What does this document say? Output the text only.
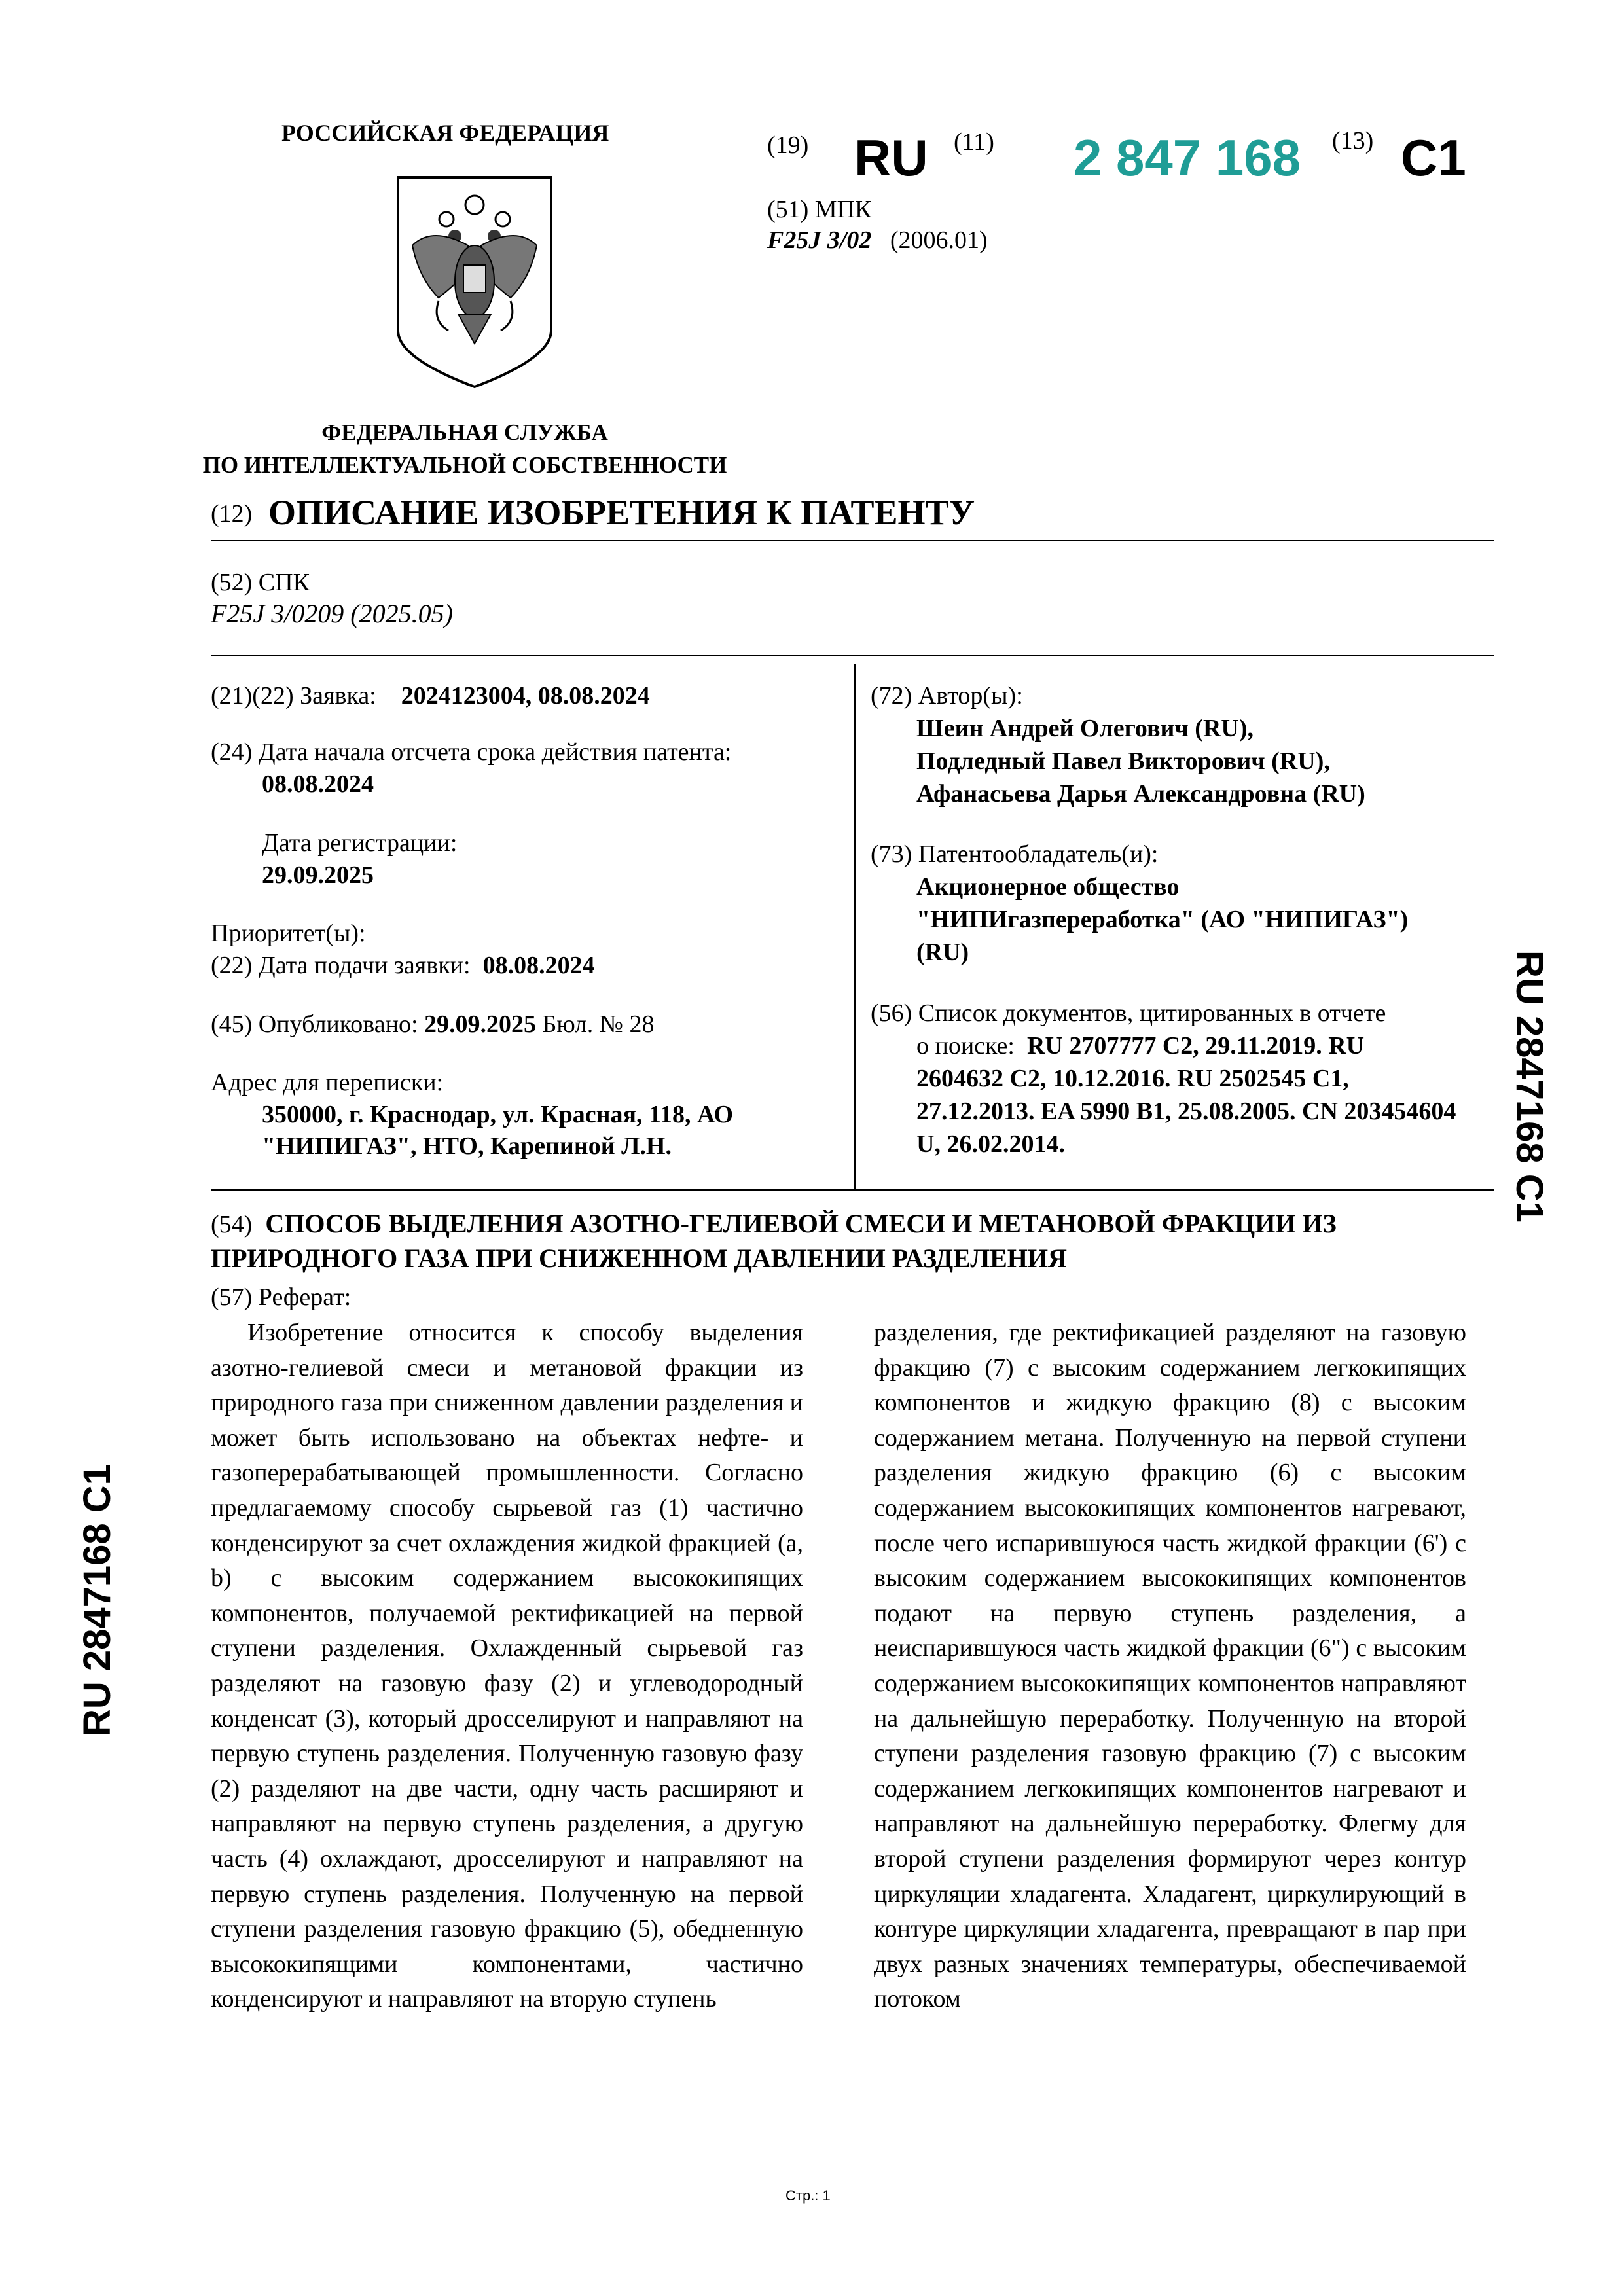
РОССИЙСКАЯ ФЕДЕРАЦИЯ
ФЕДЕРАЛЬНАЯ СЛУЖБА
ПО ИНТЕЛЛЕКТУАЛЬНОЙ СОБСТВЕННОСТИ
(19) RU (11) 2 847 168 (13) C1
(51) МПК
F25J 3/02 (2006.01)
(12) ОПИСАНИЕ ИЗОБРЕТЕНИЯ К ПАТЕНТУ
(52) СПК
F25J 3/0209 (2025.05)
(21)(22) Заявка: 2024123004, 08.08.2024
(24) Дата начала отсчета срока действия патента:
08.08.2024
Дата регистрации:
29.09.2025
Приоритет(ы):
(22) Дата подачи заявки: 08.08.2024
(45) Опубликовано: 29.09.2025 Бюл. № 28
Адрес для переписки:
350000, г. Краснодар, ул. Красная, 118, АО
"НИПИГАЗ", НТО, Карепиной Л.Н.
(72) Автор(ы):
Шеин Андрей Олегович (RU),
Подледный Павел Викторович (RU),
Афанасьева Дарья Александровна (RU)
(73) Патентообладатель(и):
Акционерное общество
"НИПИгазпереработка" (АО "НИПИГАЗ")
(RU)
(56) Список документов, цитированных в отчете
о поиске: RU 2707777 C2, 29.11.2019. RU
2604632 C2, 10.12.2016. RU 2502545 C1,
27.12.2013. EA 5990 B1, 25.08.2005. CN 203454604
U, 26.02.2014.	RU 2847168 C1
RU 2847168 C1
(54) СПОСОБ ВЫДЕЛЕНИЯ АЗОТНО-ГЕЛИЕВОЙ СМЕСИ И МЕТАНОВОЙ ФРАКЦИИ ИЗ ПРИРОДНОГО ГАЗА ПРИ СНИЖЕННОМ ДАВЛЕНИИ РАЗДЕЛЕНИЯ
(57) Реферат:
Изобретение относится к способу выделения азотно-гелиевой смеси и метановой фракции из природного газа при сниженном давлении разделения и может быть использовано на объектах нефте- и газоперерабатывающей промышленности. Согласно предлагаемому способу сырьевой газ (1) частично конденсируют за счет охлаждения жидкой фракцией (a, b) с высоким содержанием высококипящих компонентов, получаемой ректификацией на первой ступени разделения. Охлажденный сырьевой газ разделяют на газовую фазу (2) и углеводородный конденсат (3), который дросселируют и направляют на первую ступень разделения. Полученную газовую фазу (2) разделяют на две части, одну часть расширяют и направляют на первую ступень разделения, а другую часть (4) охлаждают, дросселируют и направляют на первую ступень разделения. Полученную на первой ступени разделения газовую фракцию (5), обедненную высококипящими компонентами, частично конденсируют и направляют на вторую ступень
разделения, где ректификацией разделяют на газовую фракцию (7) с высоким содержанием легкокипящих компонентов и жидкую фракцию (8) с высоким содержанием метана. Полученную на первой ступени разделения жидкую фракцию (6) с высоким содержанием высококипящих компонентов нагревают, после чего испарившуюся часть жидкой фракции (6') с высоким содержанием высококипящих компонентов подают на первую ступень разделения, а неиспарившуюся часть жидкой фракции (6") с высоким содержанием высококипящих компонентов направляют на дальнейшую переработку. Полученную на второй ступени разделения газовую фракцию (7) с высоким содержанием легкокипящих компонентов нагревают и направляют на дальнейшую переработку. Флегму для второй ступени разделения формируют через контур циркуляции хладагента. Хладагент, циркулирующий в контуре циркуляции хладагента, превращают в пар при двух разных значениях температуры, обеспечиваемой потоком
Стр.: 1
